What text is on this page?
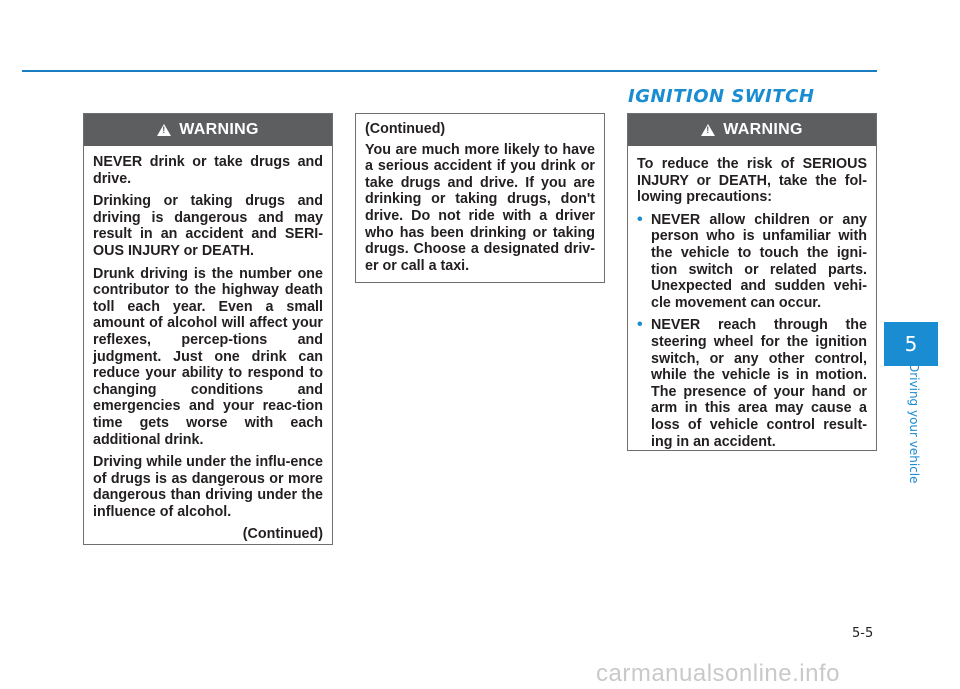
IGNITION SWITCH
!
WARNING

NEVER drink or take drugs and drive.

Drinking or taking drugs and driving is dangerous and may result in an accident and SERI-OUS INJURY or DEATH.

Drunk driving is the number one contributor to the highway death toll each year. Even a small amount of alcohol will affect your reflexes, percep-tions and judgment. Just one drink can reduce your ability to respond to changing conditions and emergencies and your reac-tion time gets worse with each additional drink.

Driving while under the influ-ence of drugs is as dangerous or more dangerous than driving under the influence of alcohol.

(Continued)

(Continued)

You are much more likely to have a serious accident if you drink or take drugs and drive. If you are drinking or taking drugs, don't drive. Do not ride with a driver who has been drinking or taking drugs. Choose a designated driv-er or call a taxi.

!
WARNING

To reduce the risk of SERIOUS INJURY or DEATH, take the fol-lowing precautions:

• NEVER allow children or any person who is unfamiliar with the vehicle to touch the igni-tion switch or related parts. Unexpected and sudden vehi-cle movement can occur.
• NEVER reach through the steering wheel for the ignition switch, or any other control, while the vehicle is in motion. The presence of your hand or arm in this area may cause a loss of vehicle control result-ing in an accident.
5
Driving your vehicle
5-5
carmanualsonline.info
